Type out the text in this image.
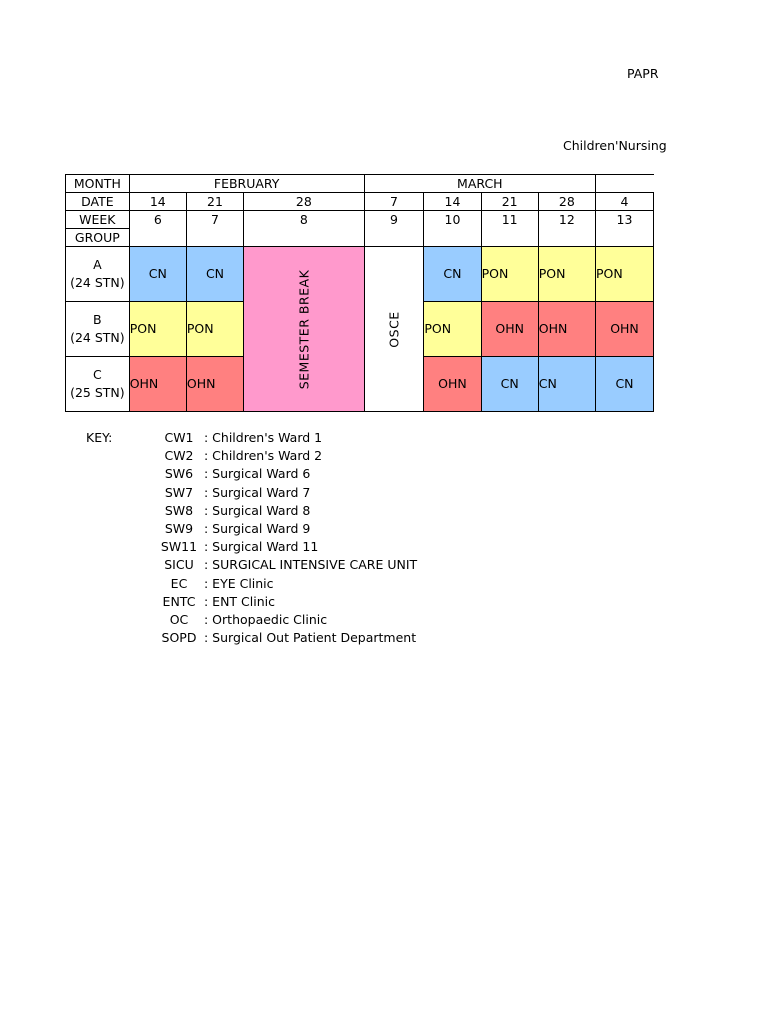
PAPR
Children'Nursing
MONTH	FEBRUARY			MARCH				
DATE	14	21	28	7	14	21	28	4
WEEK	6	7	8	9	10	11	12	13
GROUP								
A
(24 STN)	CN	CN	SEMESTER BREAK	OSCE	CN	PON	PON	PON
B
(24 STN)	PON	PON			PON	OHN	OHN	OHN
C
(25 STN)	OHN	OHN			OHN	CN	CN	CN
KEY:	CW1	: Children's Ward 1
	CW2	: Children's Ward 2
	SW6	: Surgical Ward 6
	SW7	: Surgical Ward 7
	SW8	: Surgical Ward 8
	SW9	: Surgical Ward 9
	SW11	: Surgical Ward 11
	SICU	: SURGICAL INTENSIVE CARE UNIT
	EC	: EYE Clinic
	ENTC	: ENT Clinic
	OC	: Orthopaedic Clinic
	SOPD	: Surgical Out Patient Department
